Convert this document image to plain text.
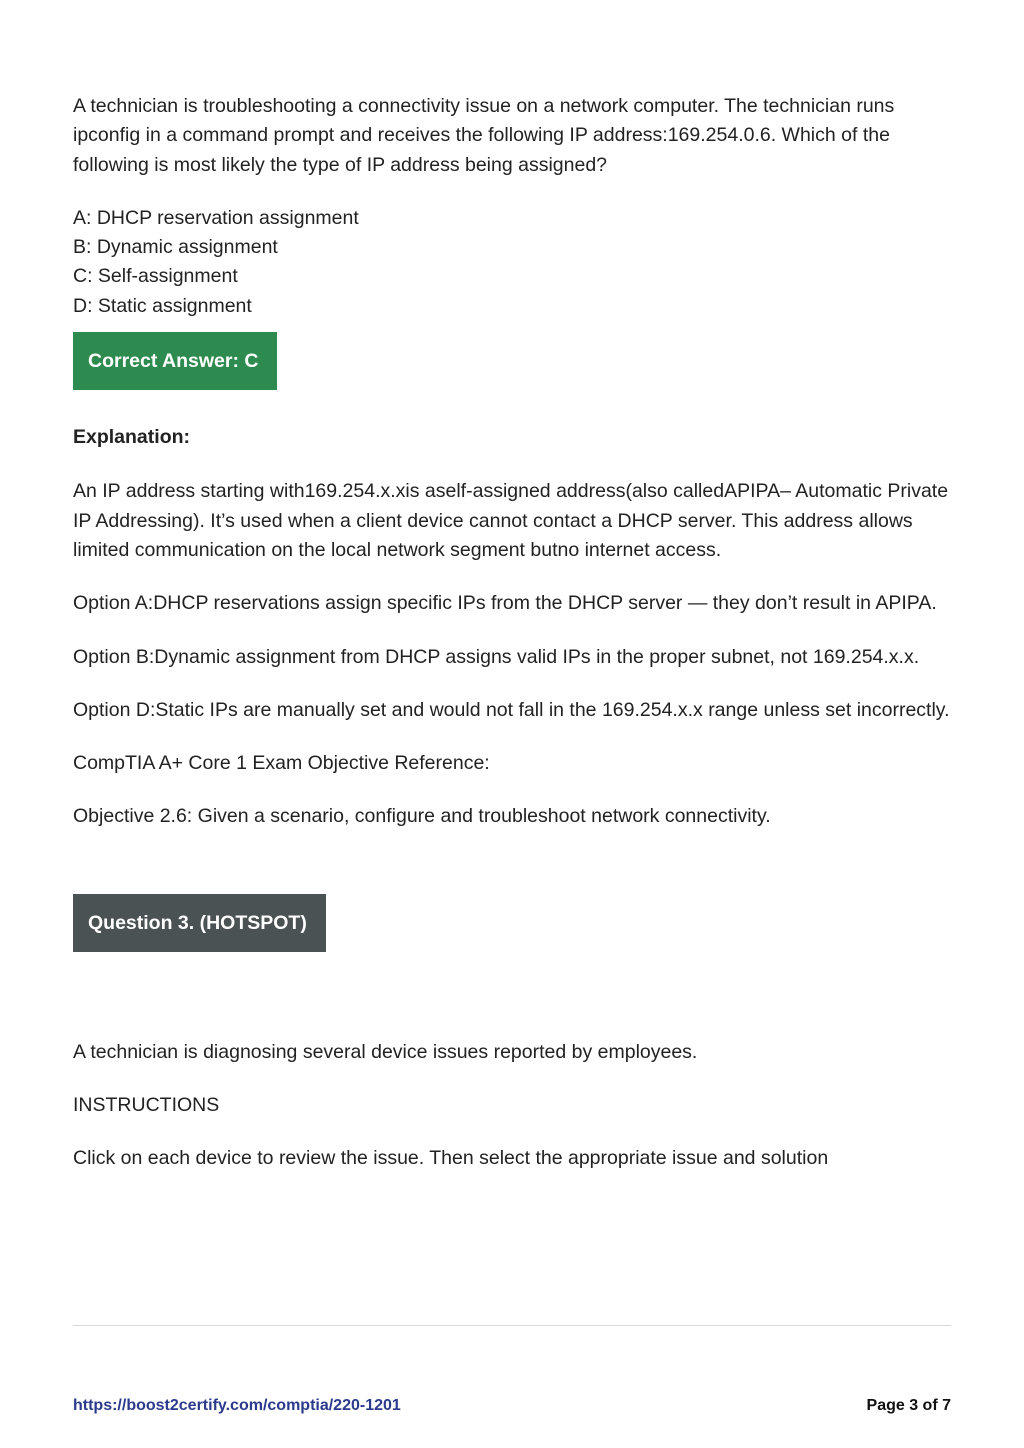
A technician is troubleshooting a connectivity issue on a network computer. The technician runs ipconfig in a command prompt and receives the following IP address:169.254.0.6. Which of the following is most likely the type of IP address being assigned?

A: DHCP reservation assignment
B: Dynamic assignment
C: Self-assignment
D: Static assignment
Correct Answer: C

Explanation:

An IP address starting with169.254.x.xis aself-assigned address(also calledAPIPA– Automatic Private IP Addressing). It’s used when a client device cannot contact a DHCP server. This address allows limited communication on the local network segment butno internet access.

Option A:DHCP reservations assign specific IPs from the DHCP server — they don’t result in APIPA.

Option B:Dynamic assignment from DHCP assigns valid IPs in the proper subnet, not 169.254.x.x.

Option D:Static IPs are manually set and would not fall in the 169.254.x.x range unless set incorrectly.

CompTIA A+ Core 1 Exam Objective Reference:

Objective 2.6: Given a scenario, configure and troubleshoot network connectivity.

Question 3. (HOTSPOT)

A technician is diagnosing several device issues reported by employees.

INSTRUCTIONS

Click on each device to review the issue. Then select the appropriate issue and solution

https://boost2certify.com/comptia/220-1201	Page 3 of 7
